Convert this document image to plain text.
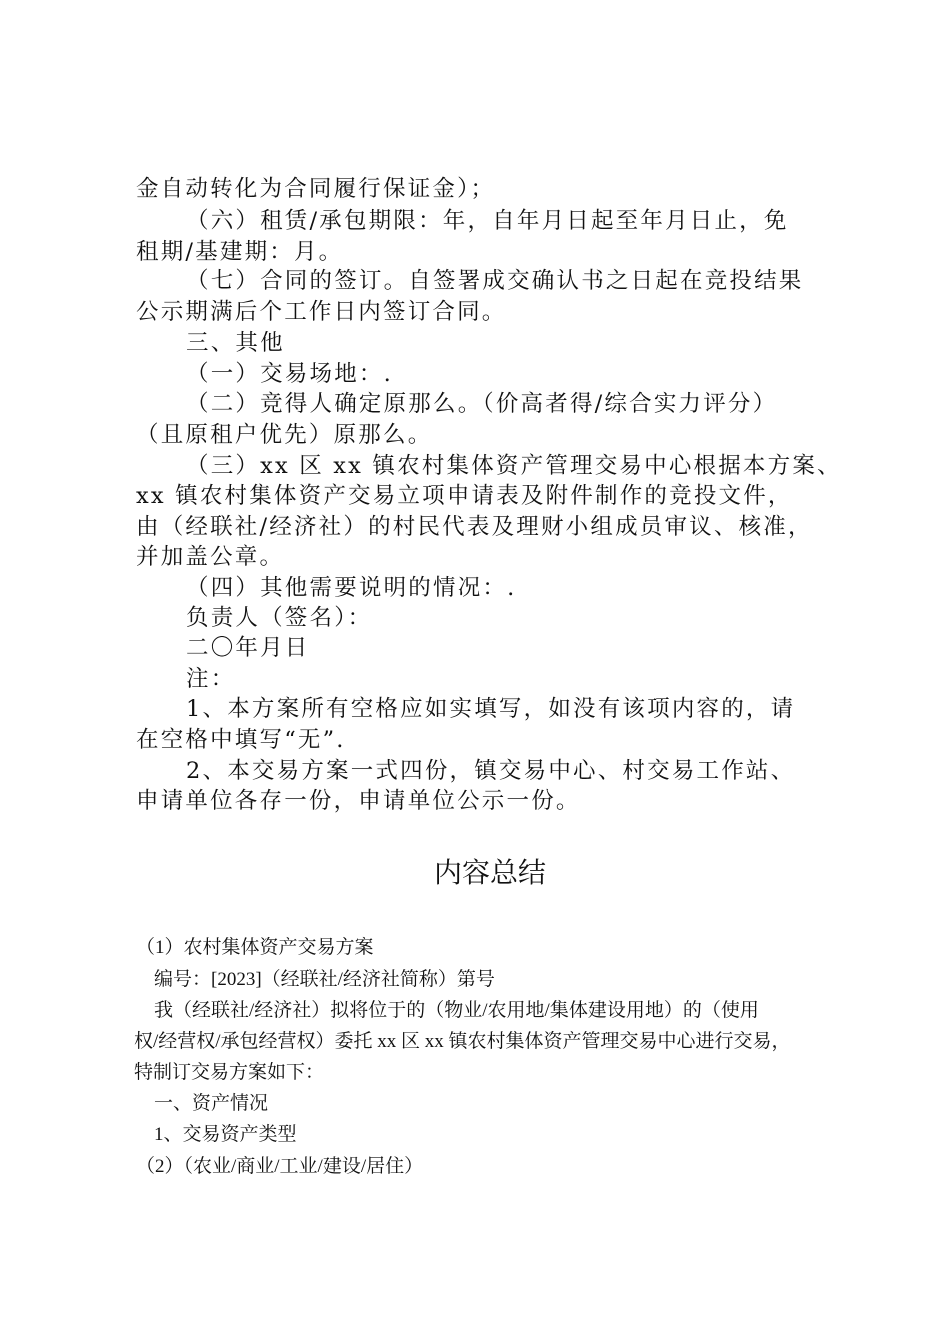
金自动转化为合同履行保证金）；
（六）租赁/承包期限：年，自年月日起至年月日止，免
租期/基建期：月。
（七）合同的签订。自签署成交确认书之日起在竞投结果
公示期满后个工作日内签订合同。
三、其他
（一）交易场地：.
（二）竞得人确定原那么。（价高者得/综合实力评分）
（且原租户优先）原那么。
（三）xx 区 xx 镇农村集体资产管理交易中心根据本方案、
xx 镇农村集体资产交易立项申请表及附件制作的竞投文件，
由（经联社/经济社）的村民代表及理财小组成员审议、核准，
并加盖公章。
（四）其他需要说明的情况：.
负责人（签名）：
二〇年月日
注：
1、本方案所有空格应如实填写，如没有该项内容的，请
在空格中填写“无”.
2、本交易方案一式四份，镇交易中心、村交易工作站、
申请单位各存一份，申请单位公示一份。
内容总结
（1）农村集体资产交易方案
编号：[2023]（经联社/经济社简称）第号
我（经联社/经济社）拟将位于的（物业/农用地/集体建设用地）的（使用
权/经营权/承包经营权）委托 xx 区 xx 镇农村集体资产管理交易中心进行交易，
特制订交易方案如下：
一、资产情况
1、交易资产类型
（2）（农业/商业/工业/建设/居住）
